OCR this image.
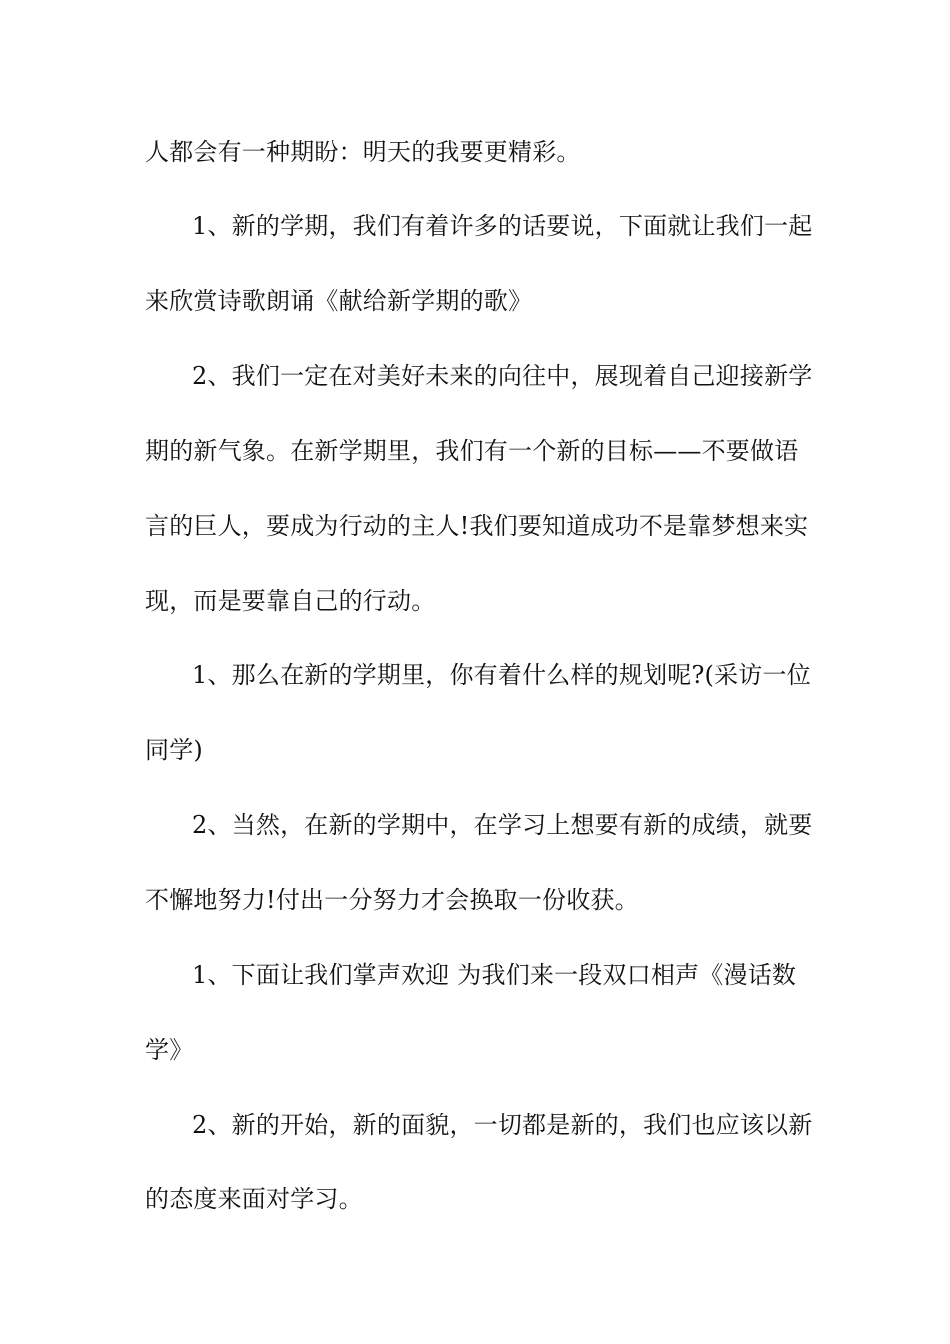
人都会有一种期盼：明天的我要更精彩。
1、新的学期，我们有着许多的话要说，下面就让我们一起
来欣赏诗歌朗诵《献给新学期的歌》
2、我们一定在对美好未来的向往中，展现着自己迎接新学
期的新气象。在新学期里，我们有一个新的目标——不要做语
言的巨人，要成为行动的主人!我们要知道成功不是靠梦想来实
现，而是要靠自己的行动。
1、那么在新的学期里，你有着什么样的规划呢?(采访一位
同学)
2、当然，在新的学期中，在学习上想要有新的成绩，就要
不懈地努力!付出一分努力才会换取一份收获。
1、下面让我们掌声欢迎 为我们来一段双口相声《漫话数
学》
2、新的开始，新的面貌，一切都是新的，我们也应该以新
的态度来面对学习。
